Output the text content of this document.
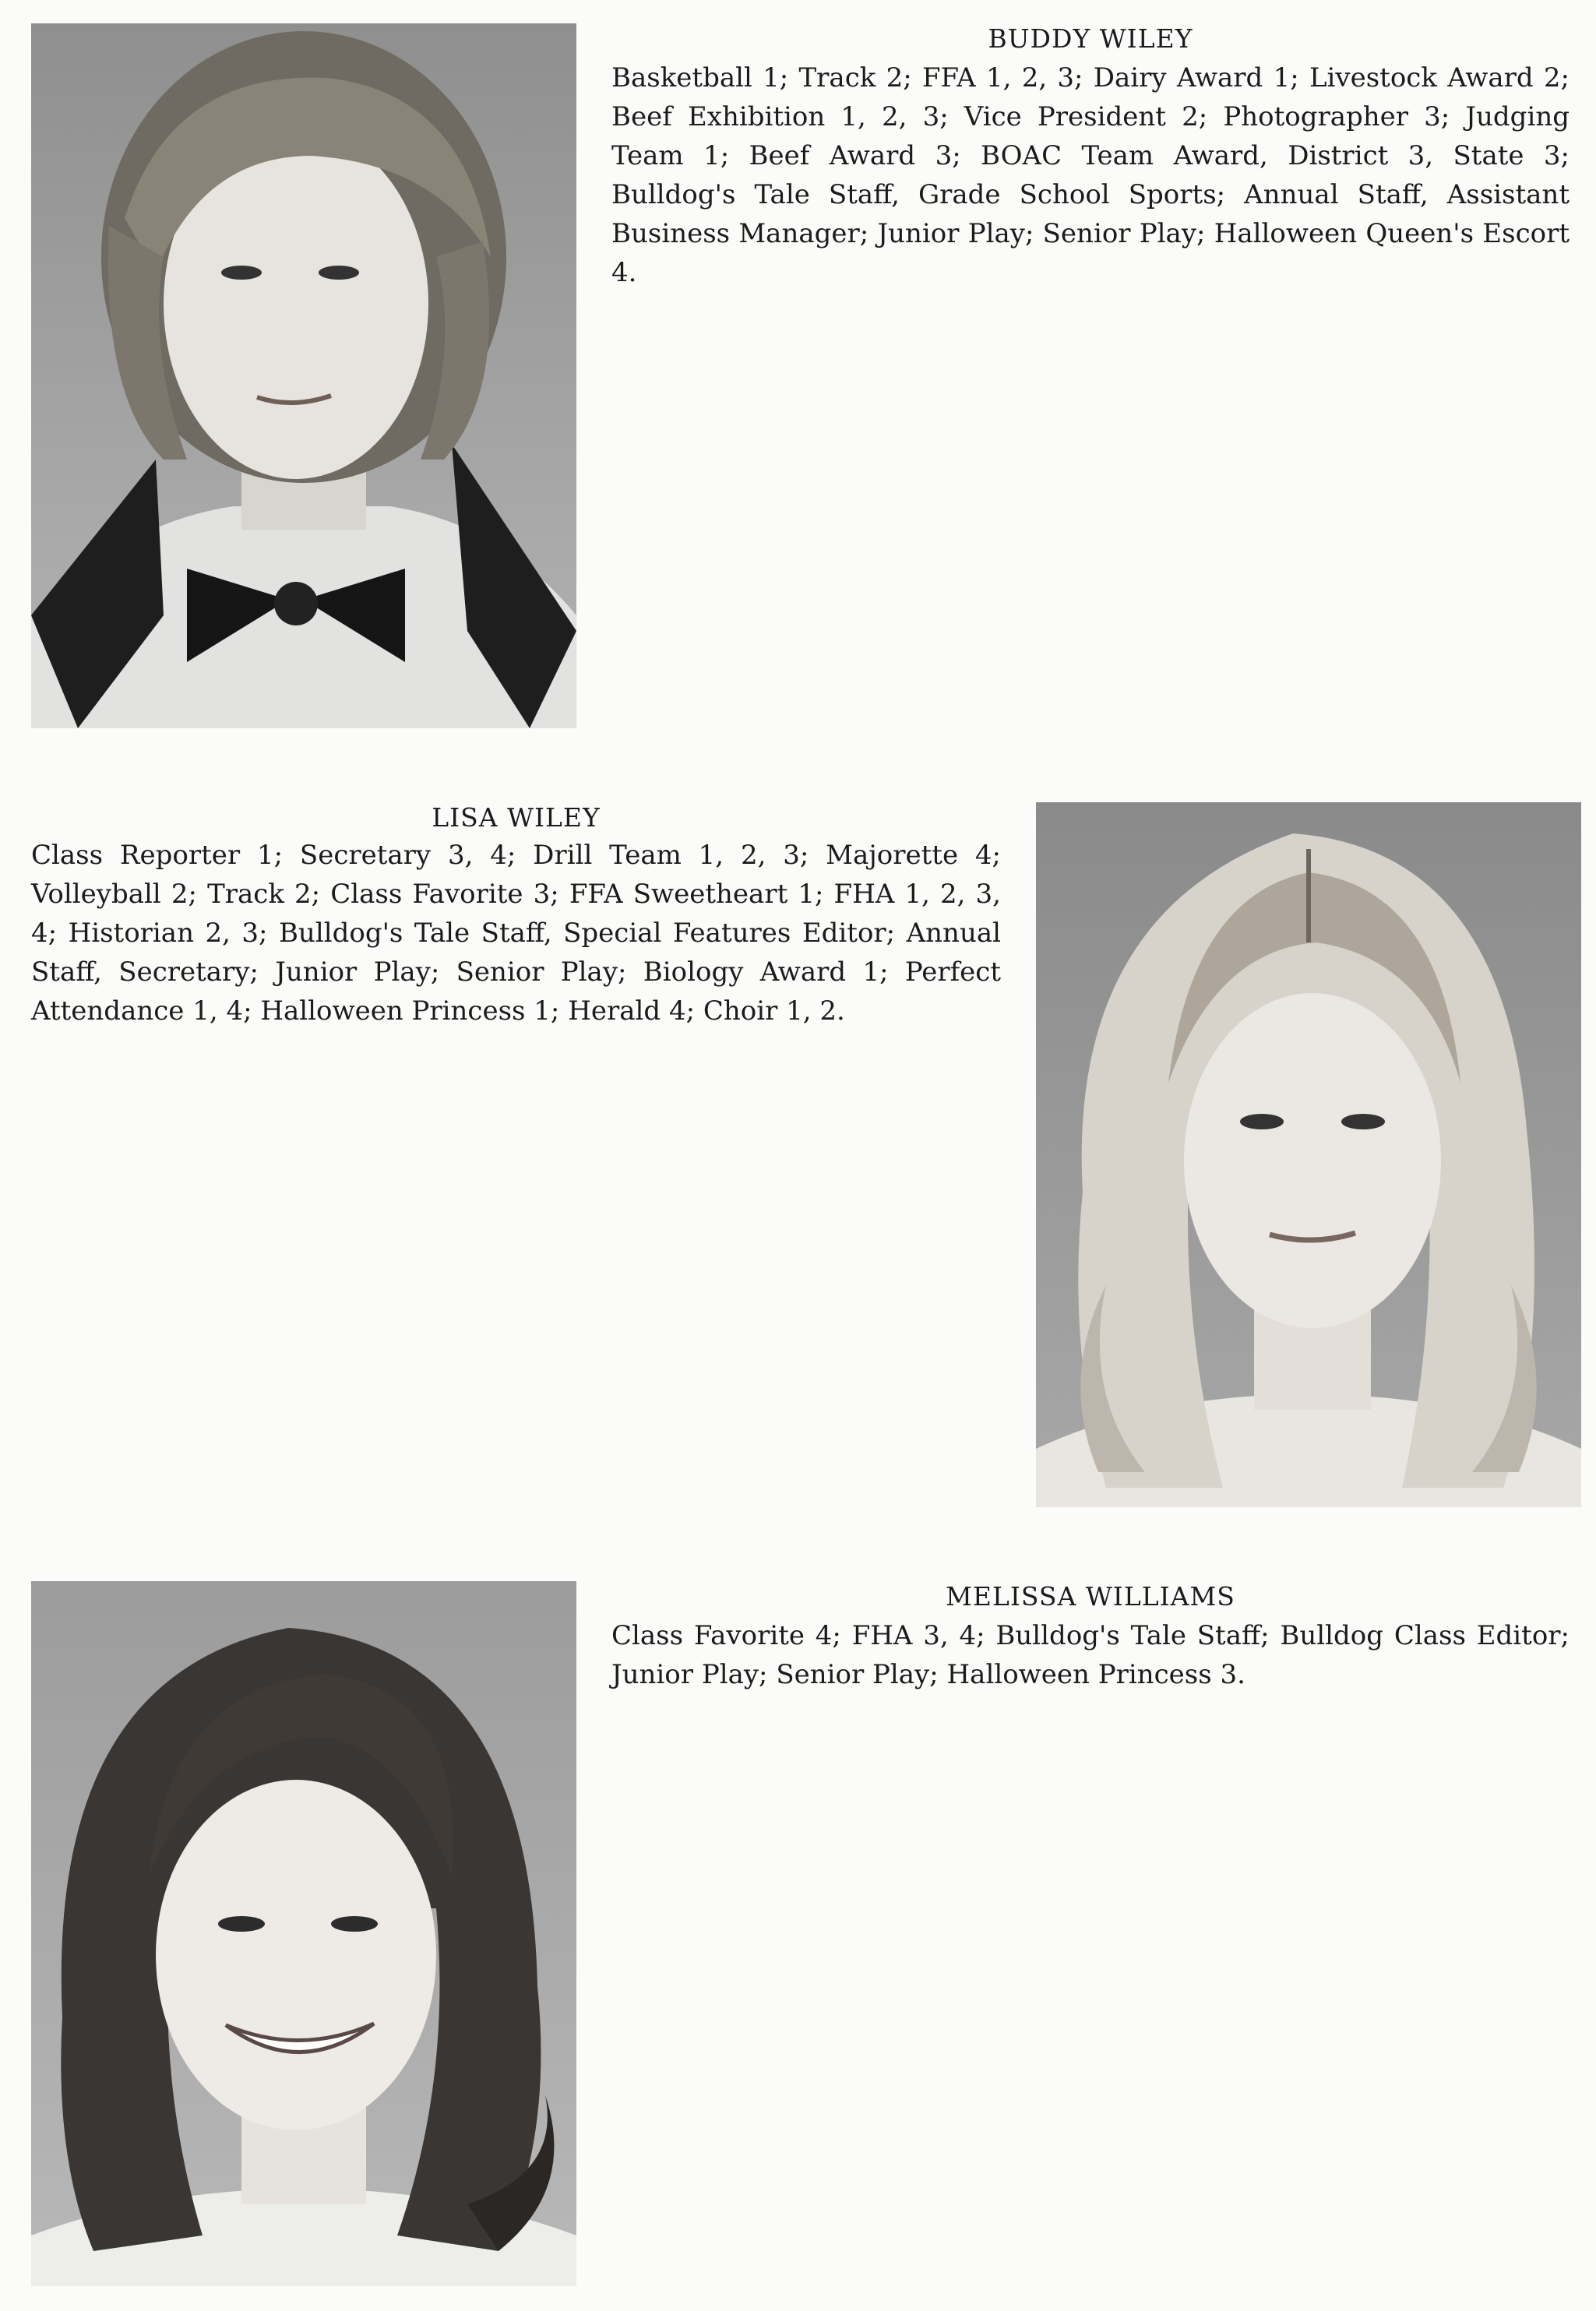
BUDDY WILEY
Basketball 1; Track 2; FFA 1, 2, 3; Dairy Award 1; Livestock Award 2; Beef Exhibition 1, 2, 3; Vice President 2; Photographer 3; Judging Team 1; Beef Award 3; BOAC Team Award, District 3, State 3; Bulldog's Tale Staff, Grade School Sports; Annual Staff, Assistant Business Manager; Junior Play; Senior Play; Halloween Queen's Escort 4.
LISA WILEY
Class Reporter 1; Secretary 3, 4; Drill Team 1, 2, 3; Majorette 4; Volleyball 2; Track 2; Class Favorite 3; FFA Sweetheart 1; FHA 1, 2, 3, 4; Historian 2, 3; Bulldog's Tale Staff, Special Features Editor; Annual Staff, Secretary; Junior Play; Senior Play; Biology Award 1; Perfect Attendance 1, 4; Halloween Princess 1; Herald 4; Choir 1, 2.
MELISSA WILLIAMS
Class Favorite 4; FHA 3, 4; Bulldog's Tale Staff; Bulldog Class Editor; Junior Play; Senior Play; Halloween Princess 3.
